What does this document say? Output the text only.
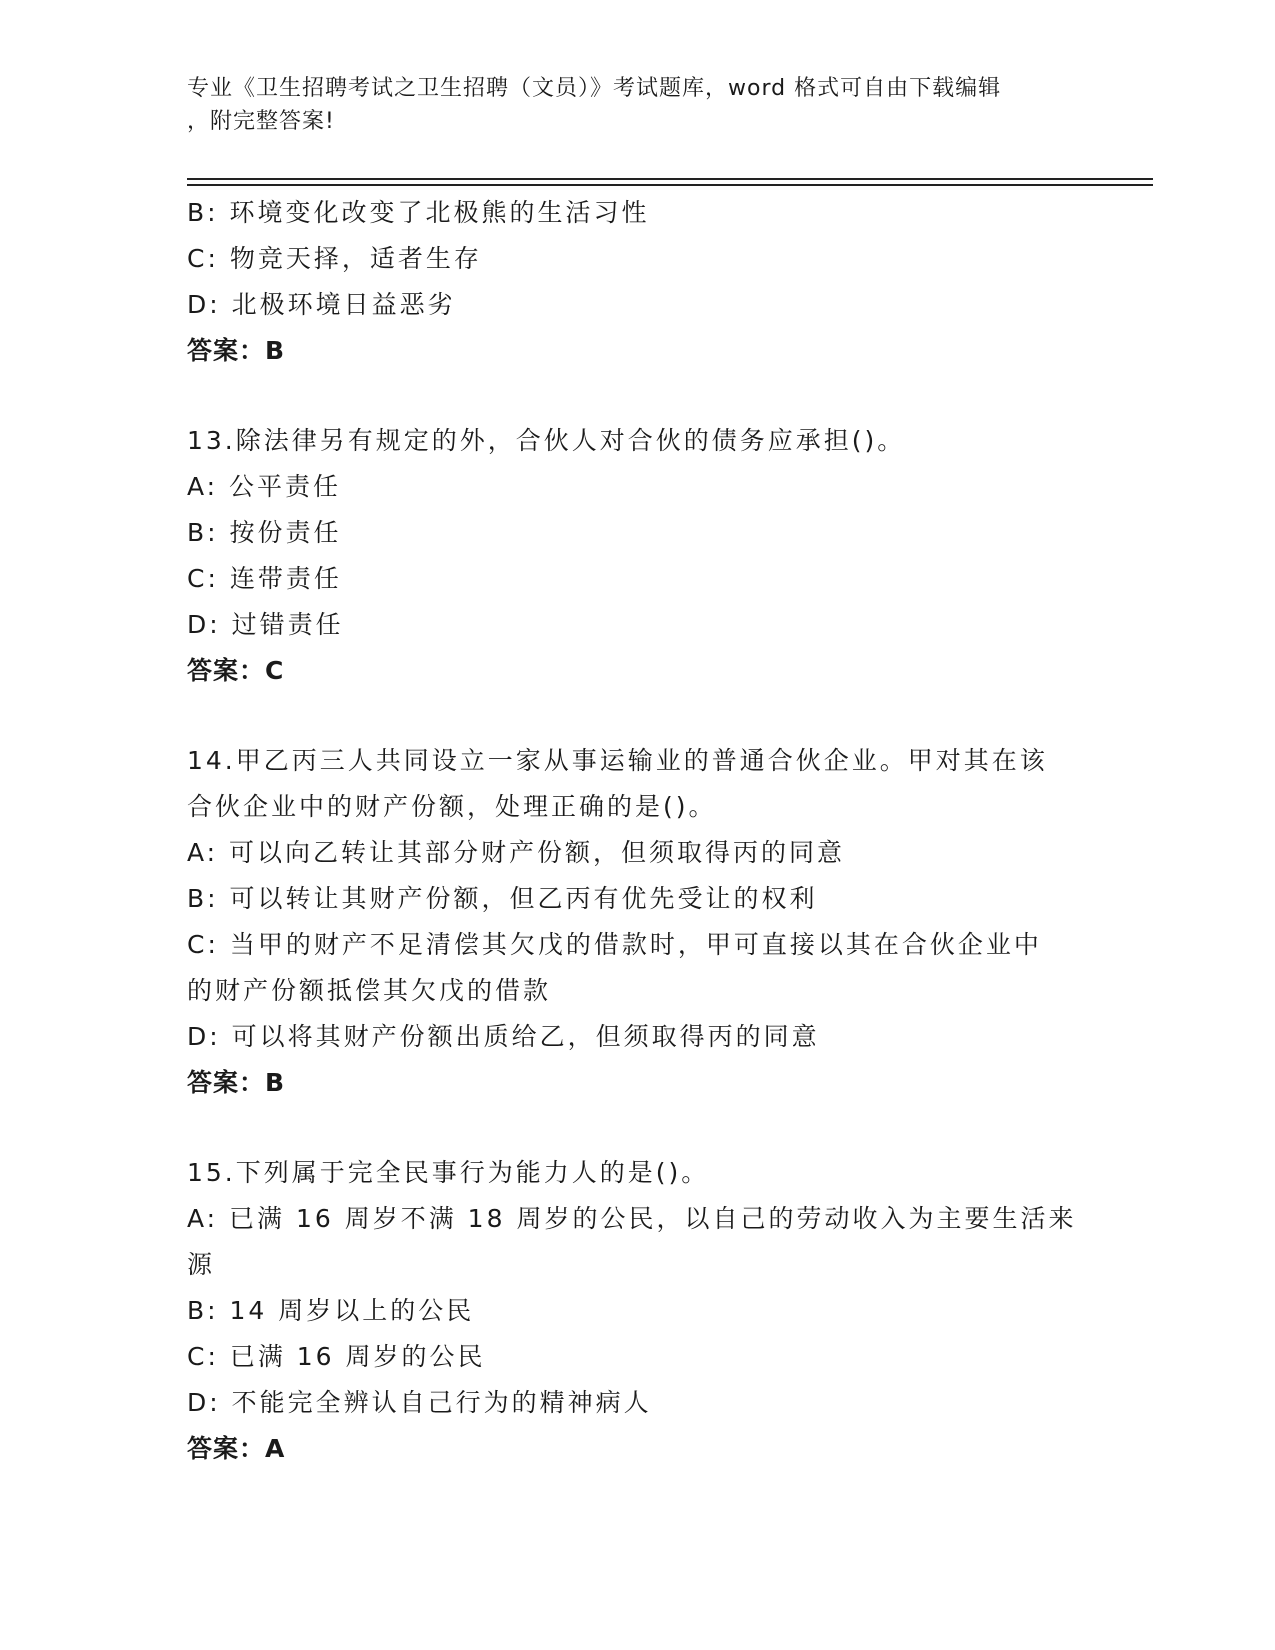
专业《卫生招聘考试之卫生招聘（文员）》考试题库，word 格式可自由下载编辑
，附完整答案!
B: 环境变化改变了北极熊的生活习性
C: 物竞天择，适者生存
D: 北极环境日益恶劣
答案：B
13.除法律另有规定的外，合伙人对合伙的债务应承担()。
A: 公平责任
B: 按份责任
C: 连带责任
D: 过错责任
答案：C
14.甲乙丙三人共同设立一家从事运输业的普通合伙企业。甲对其在该
合伙企业中的财产份额，处理正确的是()。
A: 可以向乙转让其部分财产份额，但须取得丙的同意
B: 可以转让其财产份额，但乙丙有优先受让的权利
C: 当甲的财产不足清偿其欠戊的借款时，甲可直接以其在合伙企业中
的财产份额抵偿其欠戊的借款
D: 可以将其财产份额出质给乙，但须取得丙的同意
答案：B
15.下列属于完全民事行为能力人的是()。
A: 已满 16 周岁不满 18 周岁的公民，以自己的劳动收入为主要生活来
源
B: 14 周岁以上的公民
C: 已满 16 周岁的公民
D: 不能完全辨认自己行为的精神病人
答案：A
